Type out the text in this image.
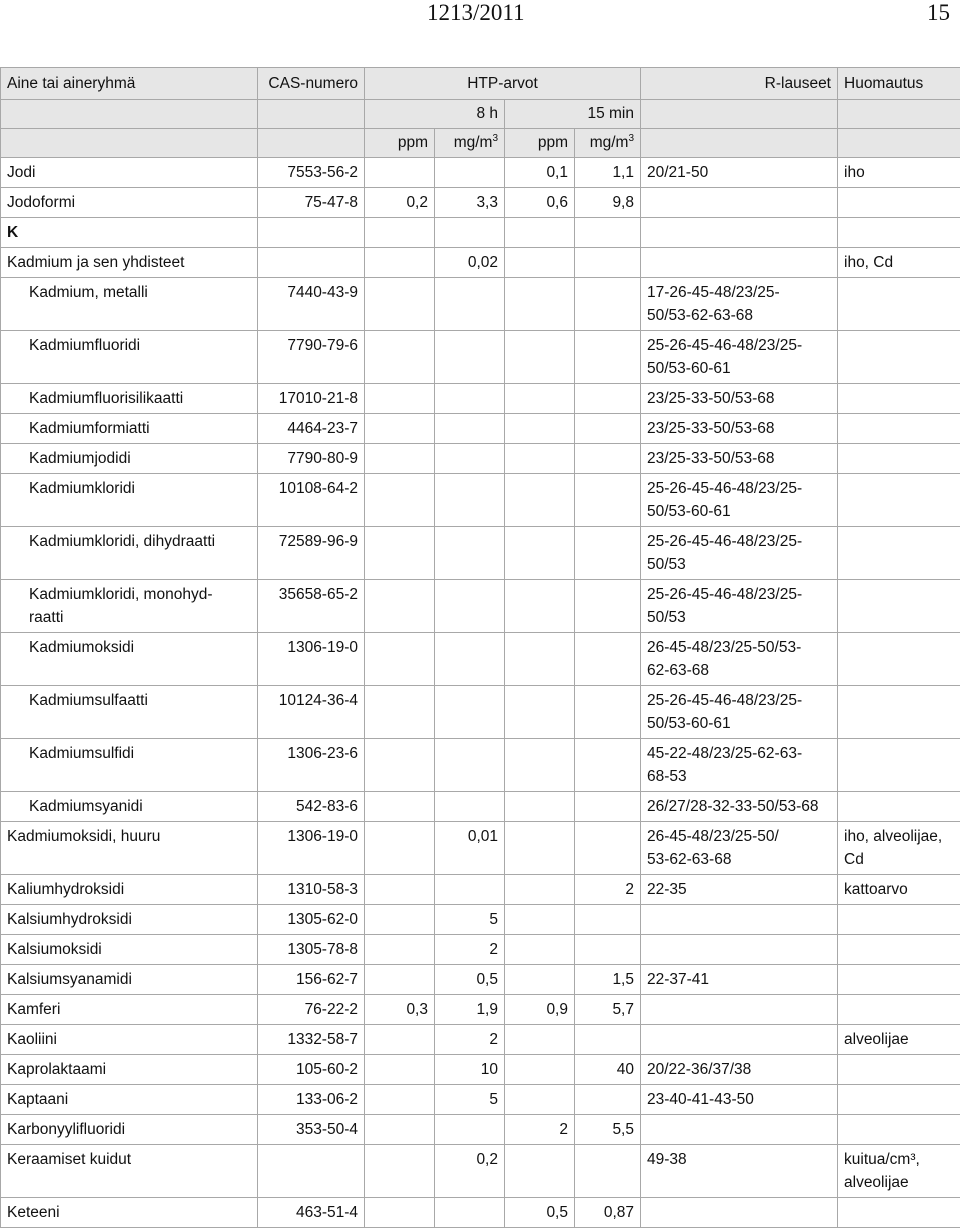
1213/2011	15
Aine tai aineryhmä	CAS-numero	HTP-arvot				R-lauseet	Huomautus
		8 h		15 min			
		ppm	$mg/m^3$	ppm	$mg/m^3$		
Jodi	7553-56-2			0,1	1,1	20/21-50	iho
Jodoformi	75-47-8	0,2	3,3	0,6	9,8		
K							
Kadmium ja sen yhdisteet			0,02				iho, Cd
Kadmium, metalli	7440-43-9					17-26-45-48/23/25-
50/53-62-63-68	
Kadmiumfluoridi	7790-79-6					25-26-45-46-48/23/25-
50/53-60-61	
Kadmiumfluorisilikaatti	17010-21-8					23/25-33-50/53-68	
Kadmiumformiatti	4464-23-7					23/25-33-50/53-68	
Kadmiumjodidi	7790-80-9					23/25-33-50/53-68	
Kadmiumkloridi	10108-64-2					25-26-45-46-48/23/25-
50/53-60-61	
Kadmiumkloridi, dihydraatti	72589-96-9					25-26-45-46-48/23/25-
50/53	
Kadmiumkloridi, monohyd-
raatti	35658-65-2					25-26-45-46-48/23/25-
50/53	
Kadmiumoksidi	1306-19-0					26-45-48/23/25-50/53-
62-63-68	
Kadmiumsulfaatti	10124-36-4					25-26-45-46-48/23/25-
50/53-60-61	
Kadmiumsulfidi	1306-23-6					45-22-48/23/25-62-63-
68-53	
Kadmiumsyanidi	542-83-6					26/27/28-32-33-50/53-68	
Kadmiumoksidi, huuru	1306-19-0		0,01			26-45-48/23/25-50/
53-62-63-68	iho, alveolijae,
Cd
Kaliumhydroksidi	1310-58-3				2	22-35	kattoarvo
Kalsiumhydroksidi	1305-62-0		5				
Kalsiumoksidi	1305-78-8		2				
Kalsiumsyanamidi	156-62-7		0,5		1,5	22-37-41	
Kamferi	76-22-2	0,3	1,9	0,9	5,7		
Kaoliini	1332-58-7		2				alveolijae
Kaprolaktaami	105-60-2		10		40	20/22-36/37/38	
Kaptaani	133-06-2		5			23-40-41-43-50	
Karbonyylifluoridi	353-50-4			2	5,5		
Keraamiset kuidut			0,2			49-38	kuitua/cm³,
alveolijae
Keteeni	463-51-4			0,5	0,87		
